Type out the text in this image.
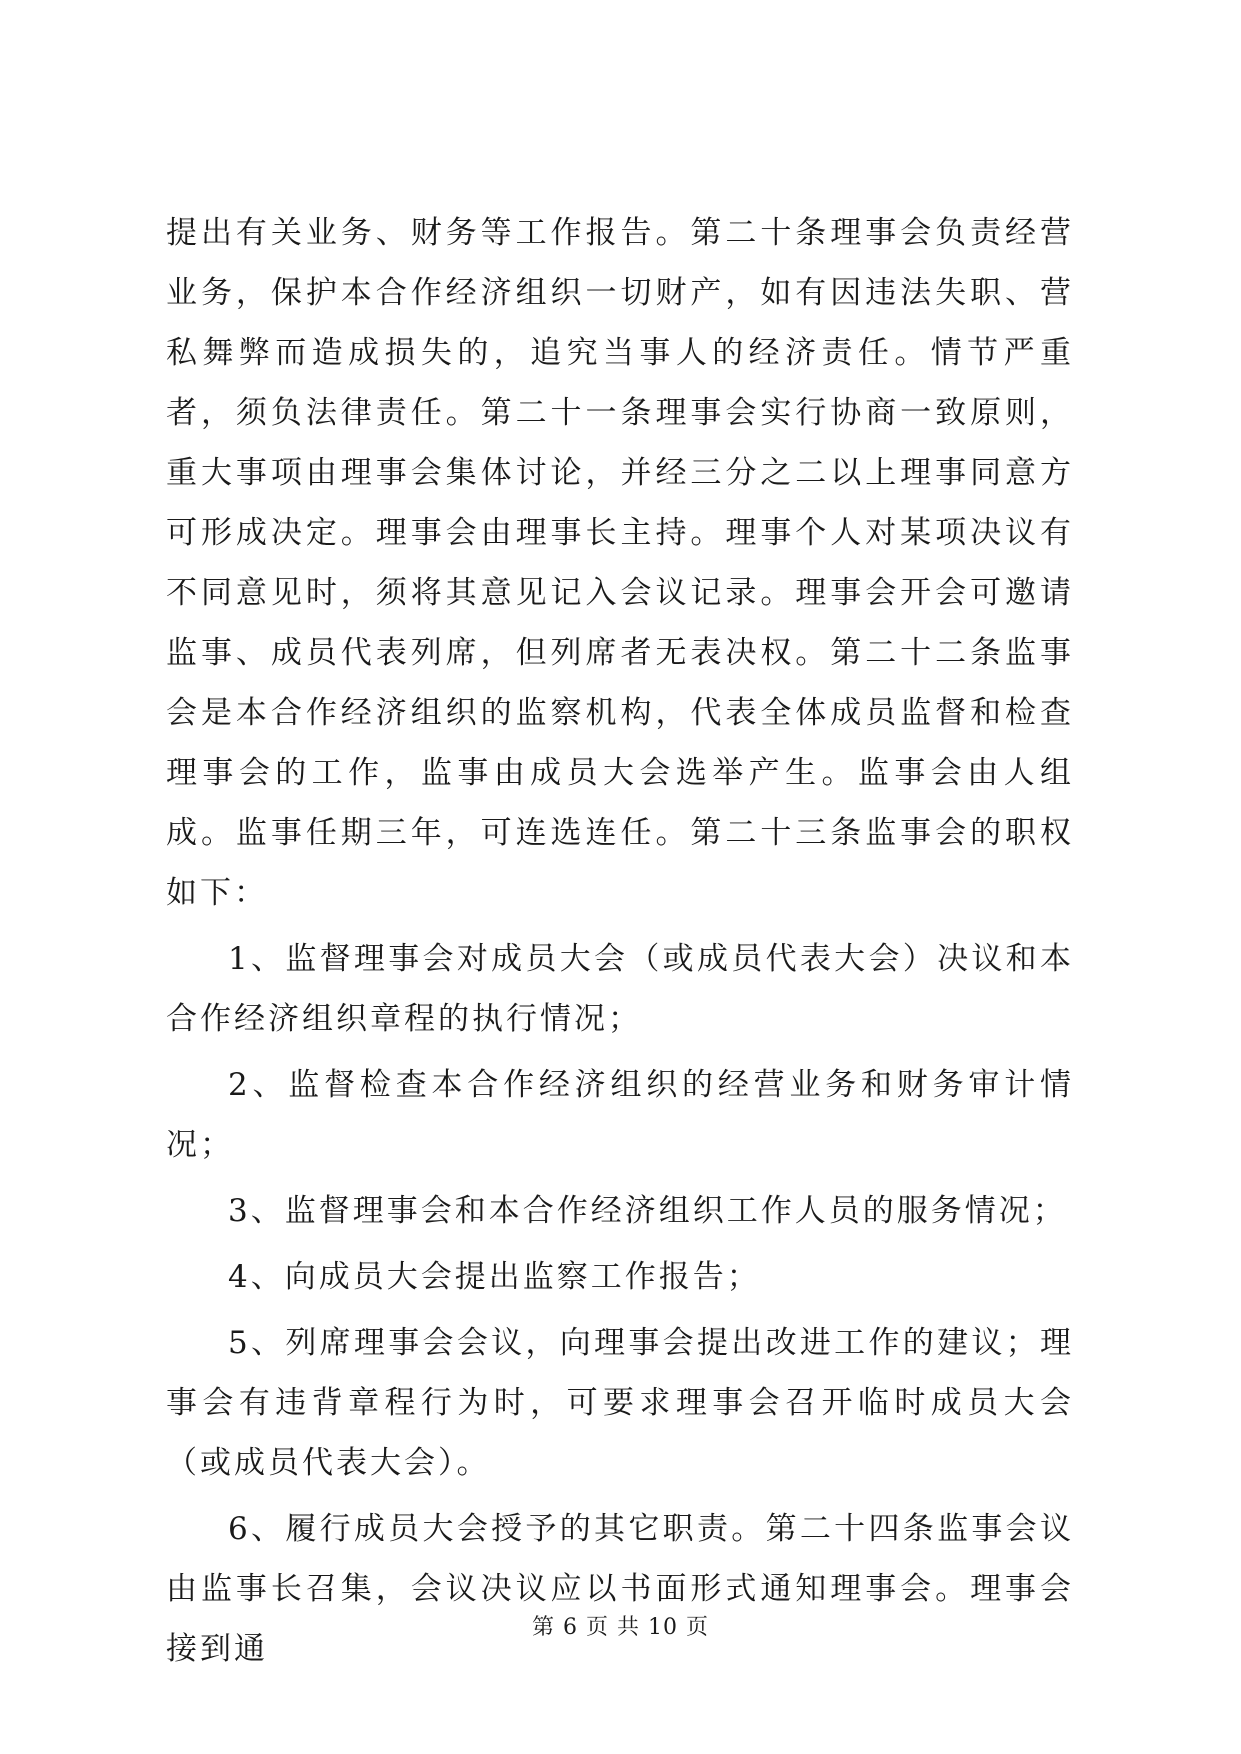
提出有关业务、财务等工作报告。第二十条理事会负责经营业务，保护本合作经济组织一切财产，如有因违法失职、营私舞弊而造成损失的，追究当事人的经济责任。情节严重者，须负法律责任。第二十一条理事会实行协商一致原则，重大事项由理事会集体讨论，并经三分之二以上理事同意方可形成决定。理事会由理事长主持。理事个人对某项决议有不同意见时，须将其意见记入会议记录。理事会开会可邀请监事、成员代表列席，但列席者无表决权。第二十二条监事会是本合作经济组织的监察机构，代表全体成员监督和检查理事会的工作，监事由成员大会选举产生。监事会由人组成。监事任期三年，可连选连任。第二十三条监事会的职权如下：

1、监督理事会对成员大会（或成员代表大会）决议和本合作经济组织章程的执行情况；

2、监督检查本合作经济组织的经营业务和财务审计情况；

3、监督理事会和本合作经济组织工作人员的服务情况；

4、向成员大会提出监察工作报告；

5、列席理事会会议，向理事会提出改进工作的建议；理事会有违背章程行为时，可要求理事会召开临时成员大会（或成员代表大会）。

6、履行成员大会授予的其它职责。第二十四条监事会议由监事长召集，会议决议应以书面形式通知理事会。理事会接到通

第 6 页 共 10 页
